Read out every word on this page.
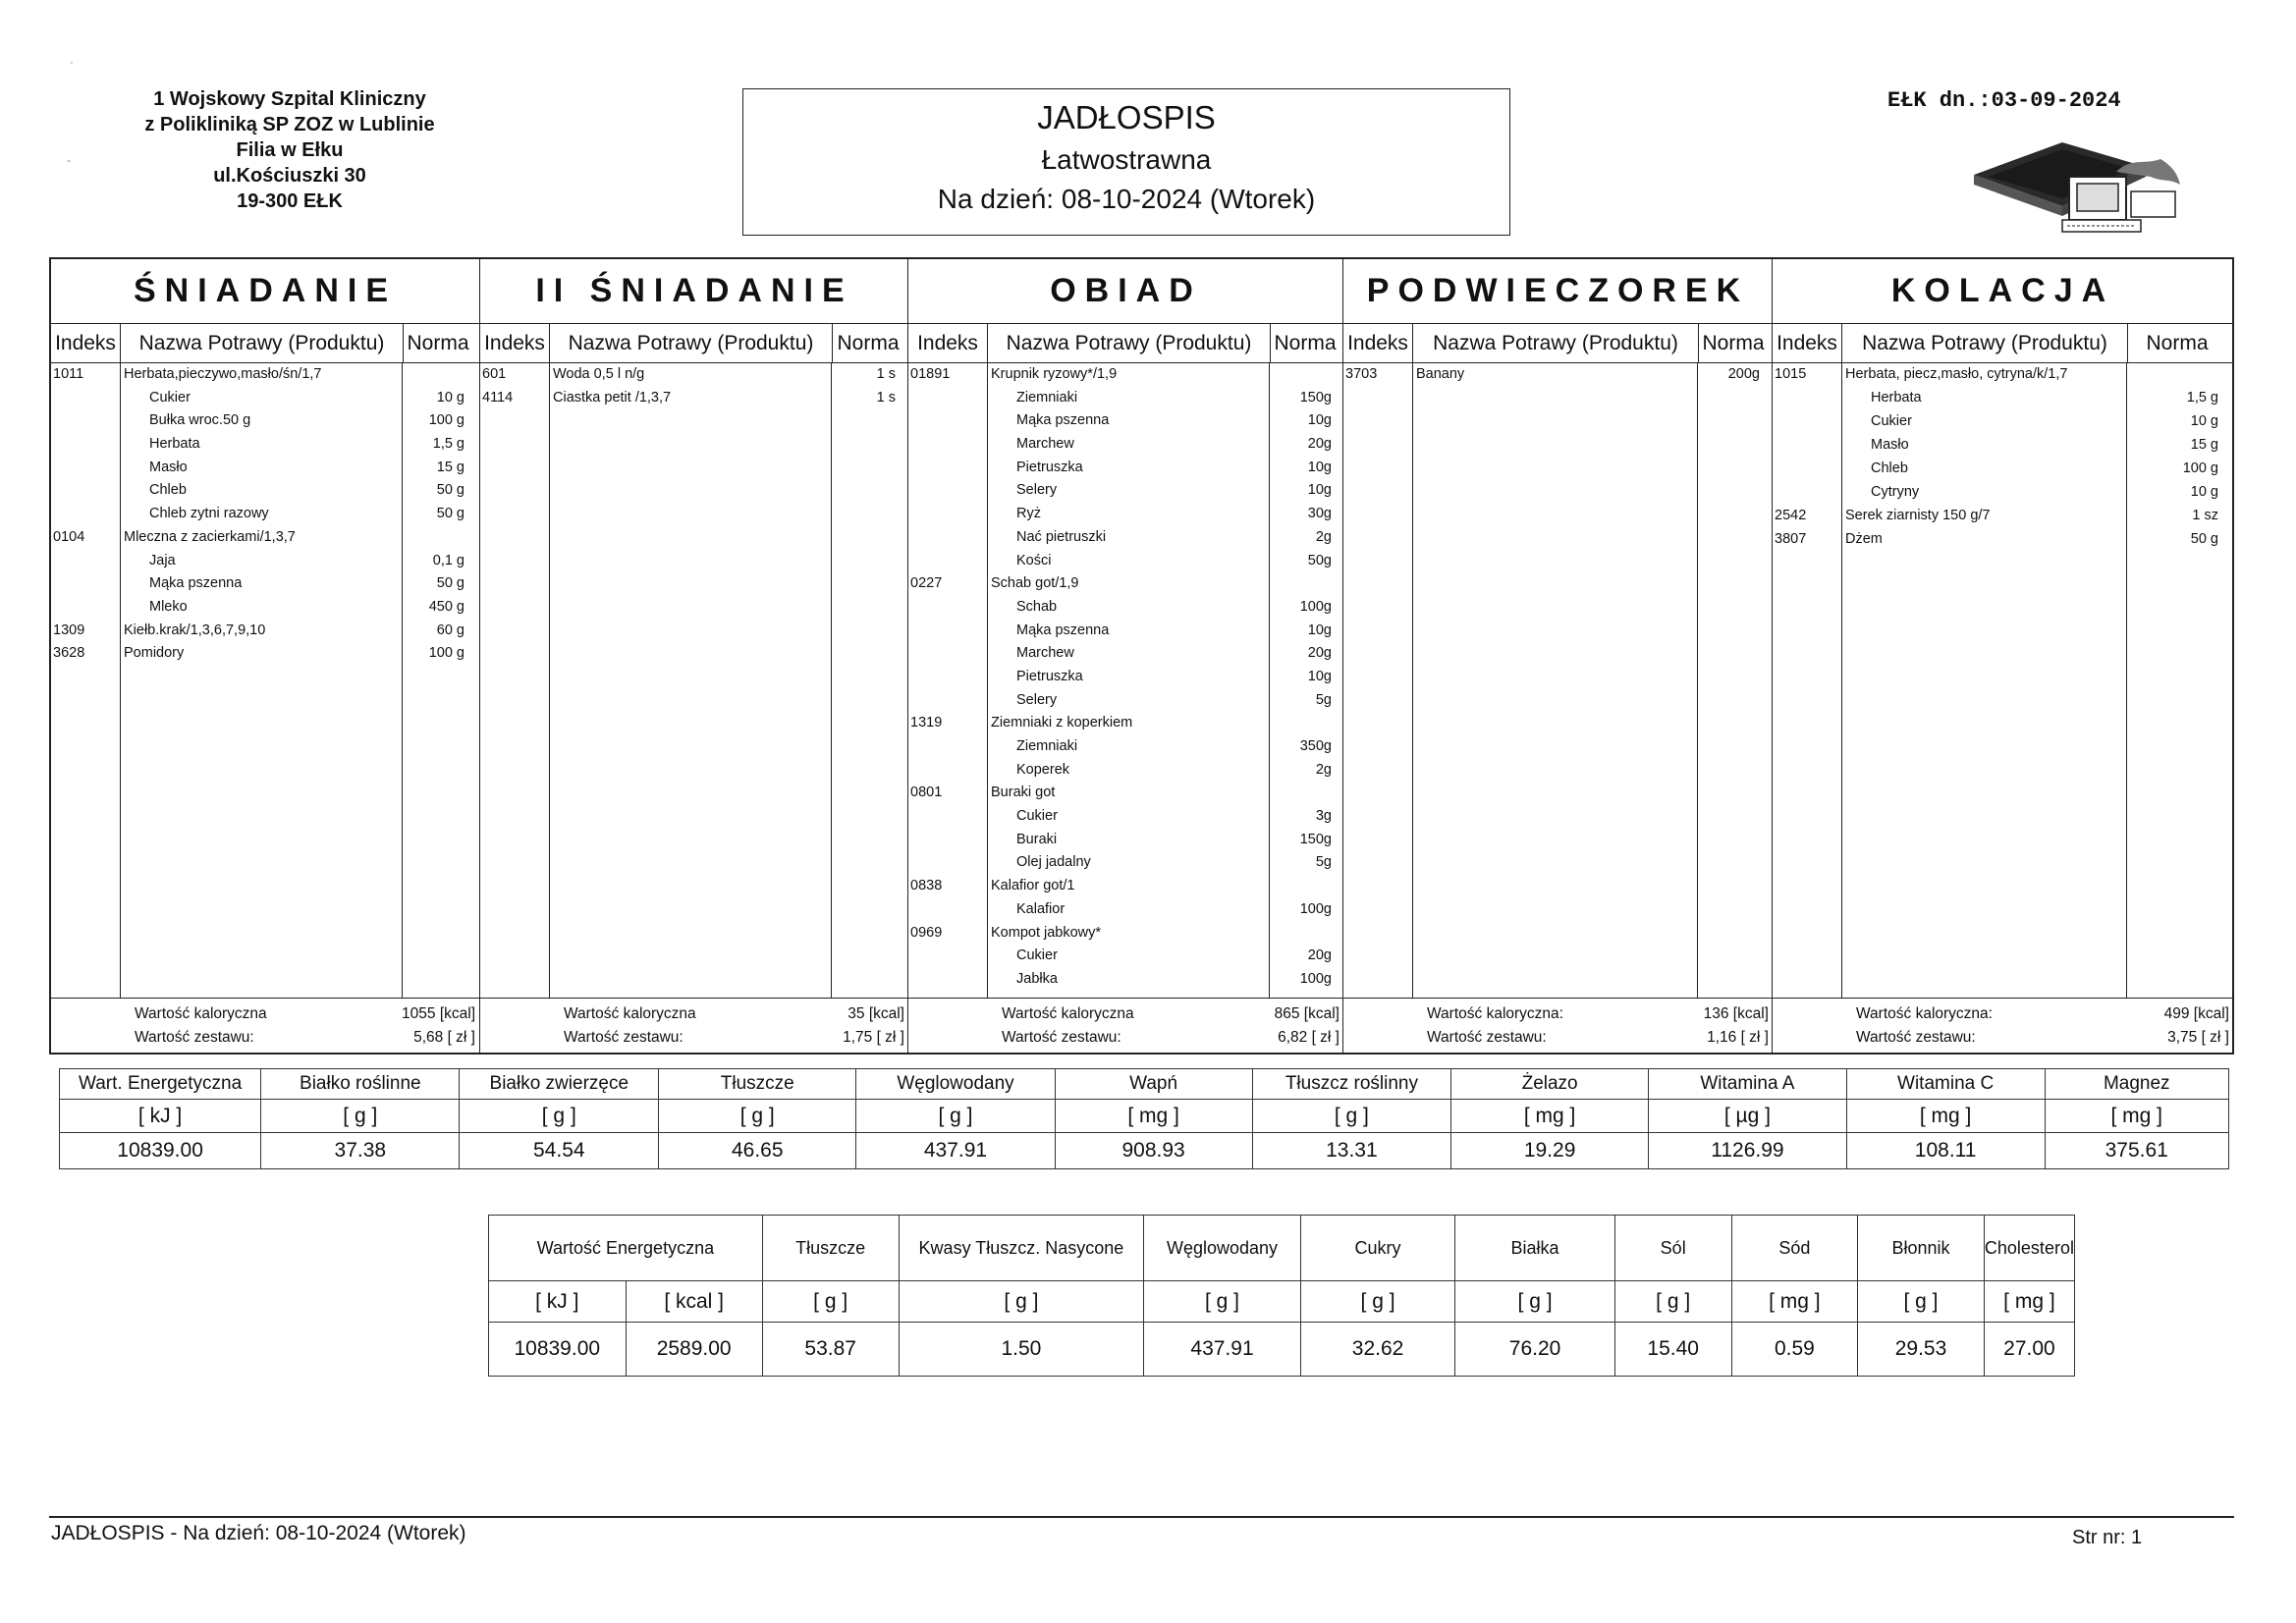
'
-
1 Wojskowy Szpital Kliniczny
z Polikliniką SP ZOZ w Lublinie
Filia w Ełku
ul.Kościuszki 30
19-300 EŁK
JADŁOSPIS
Łatwostrawna
Na dzień: 08-10-2024 (Wtorek)
EŁK dn.:03-09-2024
ŚNIADANIE
Indeks	Nazwa Potrawy (Produktu)	Norma
1011	Herbata,pieczywo,masło/śn/1,7
Cukier	10 g
Bułka wroc.50 g	100 g
Herbata	1,5 g
Masło	15 g
Chleb	50 g
Chleb zytni razowy	50 g
0104	Mleczna z zacierkami/1,3,7
Jaja	0,1 g
Mąka pszenna	50 g
Mleko	450 g
1309	Kiełb.krak/1,3,6,7,9,10	60 g
3628	Pomidory	100 g
Wartość kaloryczna	1055 [kcal]
Wartość zestawu:	5,68 [ zł ]
II ŚNIADANIE
Indeks	Nazwa Potrawy (Produktu)	Norma
601	Woda 0,5 l n/g	1 s
4114	Ciastka petit /1,3,7	1 s
Wartość kaloryczna	35 [kcal]
Wartość zestawu:	1,75 [ zł ]
OBIAD
Indeks	Nazwa Potrawy (Produktu)	Norma
01891	Krupnik ryzowy*/1,9
Ziemniaki	150g
Mąka pszenna	10g
Marchew	20g
Pietruszka	10g
Selery	10g
Ryż	30g
Nać pietruszki	2g
Kości	50g
0227	Schab got/1,9
Schab	100g
Mąka pszenna	10g
Marchew	20g
Pietruszka	10g
Selery	5g
1319	Ziemniaki z koperkiem
Ziemniaki	350g
Koperek	2g
0801	Buraki got
Cukier	3g
Buraki	150g
Olej jadalny	5g
0838	Kalafior got/1
Kalafior	100g
0969	Kompot jabkowy*
Cukier	20g
Jabłka	100g
Wartość kaloryczna	865 [kcal]
Wartość zestawu:	6,82 [ zł ]
PODWIECZOREK
Indeks	Nazwa Potrawy (Produktu)	Norma
3703	Banany	200g
Wartość kaloryczna:	136 [kcal]
Wartość zestawu:	1,16 [ zł ]
KOLACJA
Indeks	Nazwa Potrawy (Produktu)	Norma
1015	Herbata, piecz,masło, cytryna/k/1,7
Herbata	1,5 g
Cukier	10 g
Masło	15 g
Chleb	100 g
Cytryny	10 g
2542	Serek ziarnisty 150 g/7	1 sz
3807	Dżem	50 g
Wartość kaloryczna:	499 [kcal]
Wartość zestawu:	3,75 [ zł ]
Wart. Energetyczna	Białko roślinne	Białko zwierzęce	Tłuszcze	Węglowodany	Wapń	Tłuszcz roślinny	Żelazo	Witamina A	Witamina C	Magnez
[ kJ ]	[ g ]	[ g ]	[ g ]	[ g ]	[ mg ]	[ g ]	[ mg ]	[ µg ]	[ mg ]	[ mg ]
10839.00	37.38	54.54	46.65	437.91	908.93	13.31	19.29	1126.99	108.11	375.61
Wartość Energetyczna		Tłuszcze	Kwasy Tłuszcz. Nasycone	Węglowodany	Cukry	Białka	Sól	Sód	Błonnik	Cholesterol
[ kJ ]	[ kcal ]	[ g ]	[ g ]	[ g ]	[ g ]	[ g ]	[ g ]	[ mg ]	[ g ]	[ mg ]
10839.00	2589.00	53.87	1.50	437.91	32.62	76.20	15.40	0.59	29.53	27.00
JADŁOSPIS - Na dzień: 08-10-2024 (Wtorek)	Str nr: 1
